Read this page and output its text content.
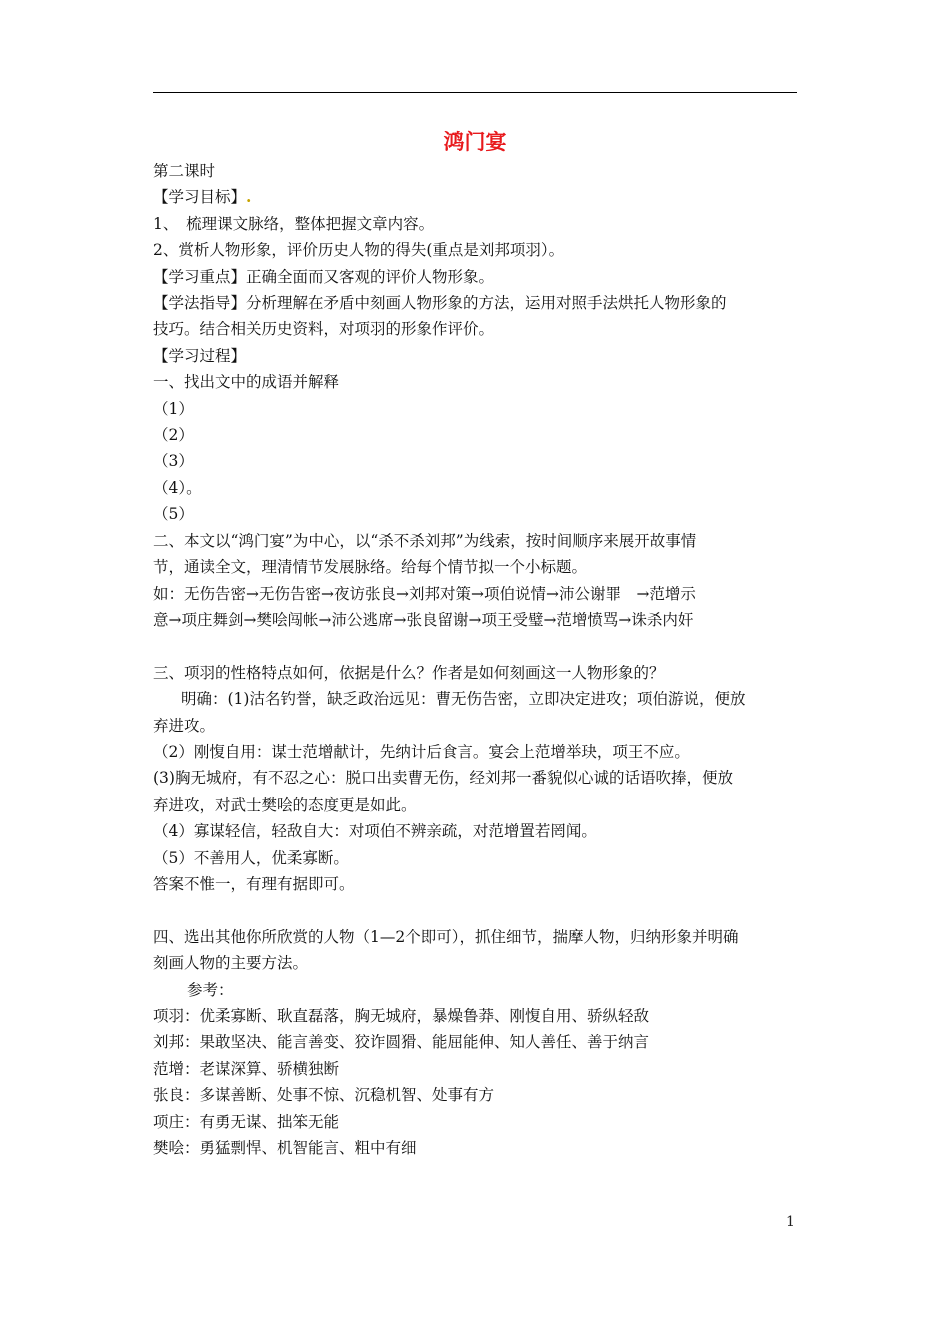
鸿门宴
第二课时
【学习目标】.
1、　梳理课文脉络，整体把握文章内容。
2、赏析人物形象，评价历史人物的得失(重点是刘邦项羽）。
【学习重点】正确全面而又客观的评价人物形象。
【学法指导】分析理解在矛盾中刻画人物形象的方法，运用对照手法烘托人物形象的
技巧。结合相关历史资料，对项羽的形象作评价。
【学习过程】
一、找出文中的成语并解释
（1）
（2）
（3）
（4）。
（5）
二、本文以“鸿门宴”为中心，以“杀不杀刘邦”为线索，按时间顺序来展开故事情
节，通读全文，理清情节发展脉络。给每个情节拟一个小标题。
如：无伤告密→无伤告密→夜访张良→刘邦对策→项伯说情→沛公谢罪　→范增示
意→项庄舞剑→樊哙闯帐→沛公逃席→张良留谢→项王受璧→范增愤骂→诛杀内奸
三、项羽的性格特点如何，依据是什么？作者是如何刻画这一人物形象的？
明确：(1)沽名钓誉，缺乏政治远见：曹无伤告密，立即决定进攻；项伯游说，便放
弃进攻。
（2）刚愎自用：谋士范增献计，先纳计后食言。宴会上范增举玦，项王不应。
(3)胸无城府，有不忍之心：脱口出卖曹无伤，经刘邦一番貌似心诚的话语吹捧，便放
弃进攻，对武士樊哙的态度更是如此。
（4）寡谋轻信，轻敌自大：对项伯不辨亲疏，对范增置若罔闻。
（5）不善用人，优柔寡断。
答案不惟一，有理有据即可。
四、选出其他你所欣赏的人物（1—2个即可），抓住细节，揣摩人物，归纳形象并明确
刻画人物的主要方法。
参考：
项羽：优柔寡断、耿直磊落，胸无城府，暴燥鲁莽、刚愎自用、骄纵轻敌
刘邦：果敢坚决、能言善变、狡诈圆猾、能屈能伸、知人善任、善于纳言
范增：老谋深算、骄横独断
张良：多谋善断、处事不惊、沉稳机智、处事有方
项庄：有勇无谋、拙笨无能
樊哙：勇猛剽悍、机智能言、粗中有细
1
